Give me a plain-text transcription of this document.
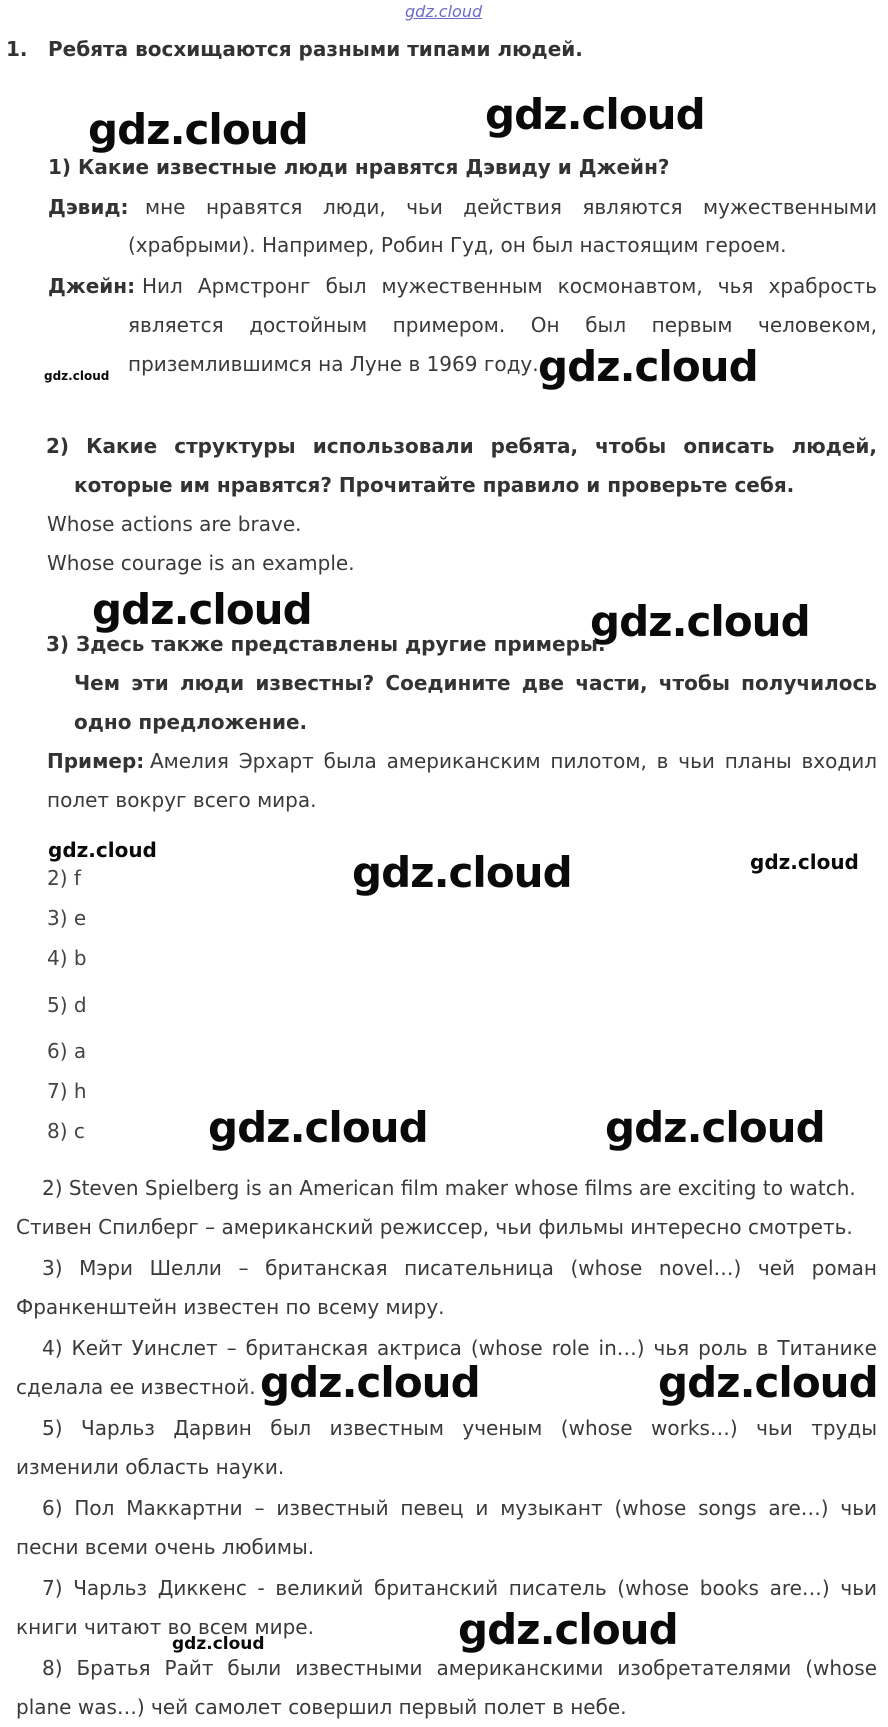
gdz.cloud
1. Ребята восхищаются разными типами людей.
gdz.cloud	gdz.cloud
1) Какие известные люди нравятся Дэвиду и Джейн?
Дэвид: мне нравятся люди, чьи действия являются мужественными
(храбрыми). Например, Робин Гуд, он был настоящим героем.
Джейн: Нил Армстронг был мужественным космонавтом, чья храбрость
является достойным примером. Он был первым человеком,
приземлившимся на Луне в 1969 году.
gdz.cloud	gdz.cloud
2) Какие структуры использовали ребята, чтобы описать людей,
которые им нравятся? Прочитайте правило и проверьте себя.
Whose actions are brave.
Whose courage is an example.
gdz.cloud	gdz.cloud
3) Здесь также представлены другие примеры.
Чем эти люди известны? Соедините две части, чтобы получилось
одно предложение.
Пример: Амелия Эрхарт была американским пилотом, в чьи планы входил
полет вокруг всего мира.
gdz.cloud	gdz.cloud	gdz.cloud
2) f
3) e
4) b
5) d
6) a
7) h
8) c	gdz.cloud	gdz.cloud
2) Steven Spielberg is an American film maker whose films are exciting to watch.
Стивен Спилберг – американский режиссер, чьи фильмы интересно смотреть.
3) Мэри Шелли – британская писательница (whose novel…) чей роман
Франкенштейн известен по всему миру.
4) Кейт Уинслет – британская актриса (whose role in…) чья роль в Титанике
сделала ее известной. gdz.cloud	gdz.cloud
5) Чарльз Дарвин был известным ученым (whose works…) чьи труды
изменили область науки.
6) Пол Маккартни – известный певец и музыкант (whose songs are…) чьи
песни всеми очень любимы.
7) Чарльз Диккенс - великий британский писатель (whose books are…) чьи
книги читают во всем мире.
gdz.cloud	gdz.cloud
8) Братья Райт были известными американскими изобретателями (whose
plane was…) чей самолет совершил первый полет в небе.
